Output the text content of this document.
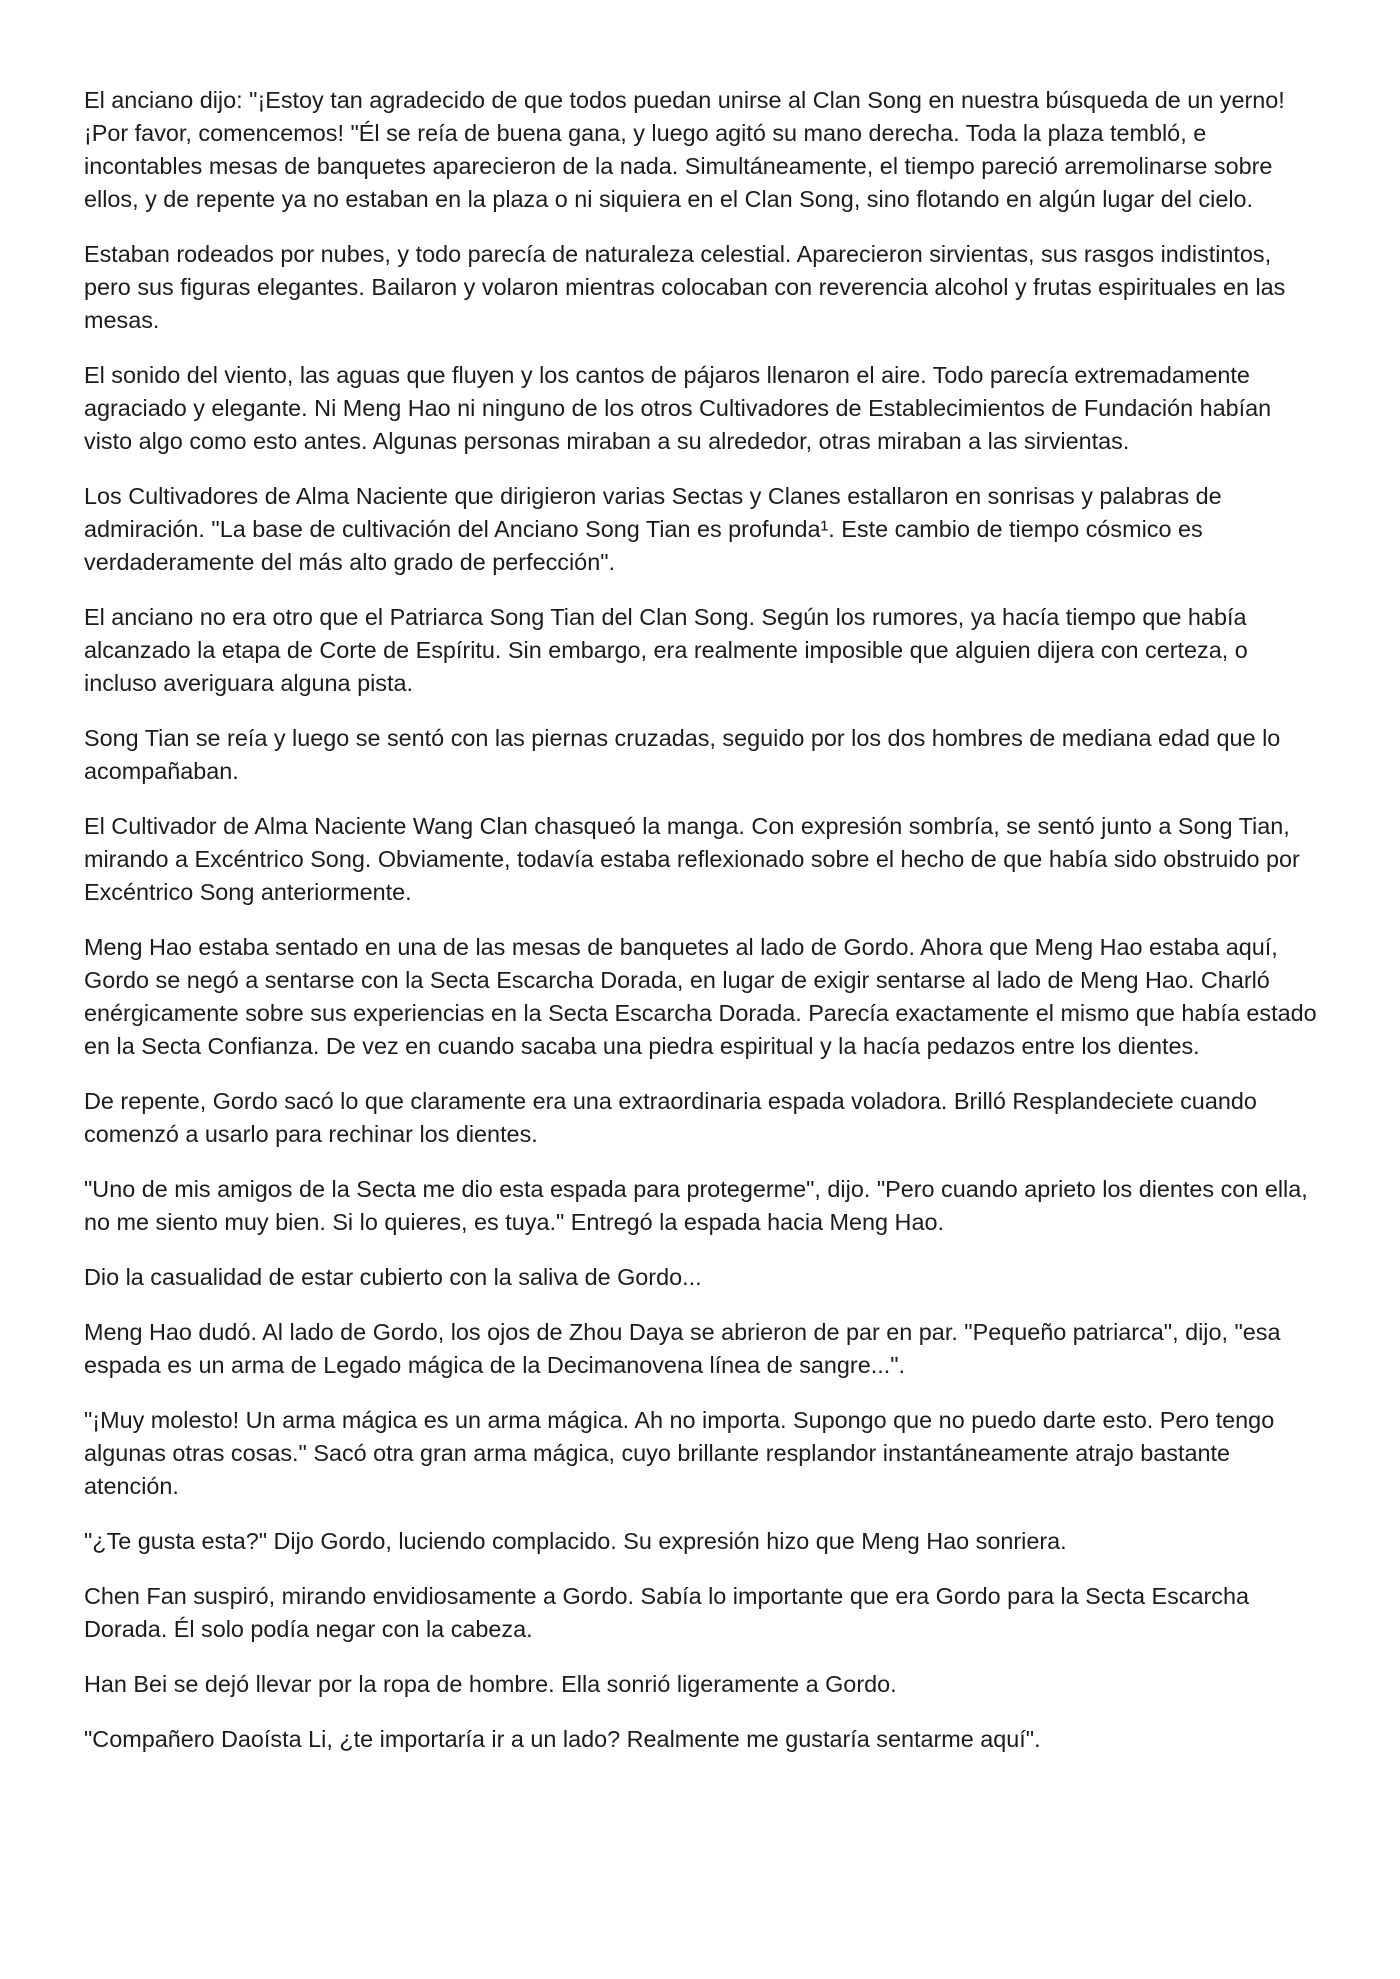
El anciano dijo: "¡Estoy tan agradecido de que todos puedan unirse al Clan Song en nuestra búsqueda de un yerno! ¡Por favor, comencemos! "Él se reía de buena gana, y luego agitó su mano derecha. Toda la plaza tembló, e incontables mesas de banquetes aparecieron de la nada. Simultáneamente, el tiempo pareció arremolinarse sobre ellos, y de repente ya no estaban en la plaza o ni siquiera en el Clan Song, sino flotando en algún lugar del cielo.

Estaban rodeados por nubes, y todo parecía de naturaleza celestial. Aparecieron sirvientas, sus rasgos indistintos, pero sus figuras elegantes. Bailaron y volaron mientras colocaban con reverencia alcohol y frutas espirituales en las mesas.

El sonido del viento, las aguas que fluyen y los cantos de pájaros llenaron el aire. Todo parecía extremadamente agraciado y elegante. Ni Meng Hao ni ninguno de los otros Cultivadores de Establecimientos de Fundación habían visto algo como esto antes. Algunas personas miraban a su alrededor, otras miraban a las sirvientas.

Los Cultivadores de Alma Naciente que dirigieron varias Sectas y Clanes estallaron en sonrisas y palabras de admiración. "La base de cultivación del Anciano Song Tian es profunda¹. Este cambio de tiempo cósmico es verdaderamente del más alto grado de perfección".

El anciano no era otro que el Patriarca Song Tian del Clan Song. Según los rumores, ya hacía tiempo que había alcanzado la etapa de Corte de Espíritu. Sin embargo, era realmente imposible que alguien dijera con certeza, o incluso averiguara alguna pista.

Song Tian se reía y luego se sentó con las piernas cruzadas, seguido por los dos hombres de mediana edad que lo acompañaban.

El Cultivador de Alma Naciente Wang Clan chasqueó la manga. Con expresión sombría, se sentó junto a Song Tian, mirando a Excéntrico Song. Obviamente, todavía estaba reflexionado sobre el hecho de que había sido obstruido por Excéntrico Song anteriormente.

Meng Hao estaba sentado en una de las mesas de banquetes al lado de Gordo. Ahora que Meng Hao estaba aquí, Gordo se negó a sentarse con la Secta Escarcha Dorada, en lugar de exigir sentarse al lado de Meng Hao. Charló enérgicamente sobre sus experiencias en la Secta Escarcha Dorada. Parecía exactamente el mismo que había estado en la Secta Confianza. De vez en cuando sacaba una piedra espiritual y la hacía pedazos entre los dientes.

De repente, Gordo sacó lo que claramente era una extraordinaria espada voladora. Brilló Resplandeciete cuando comenzó a usarlo para rechinar los dientes.

"Uno de mis amigos de la Secta me dio esta espada para protegerme", dijo. "Pero cuando aprieto los dientes con ella, no me siento muy bien. Si lo quieres, es tuya." Entregó la espada hacia Meng Hao.

Dio la casualidad de estar cubierto con la saliva de Gordo...

Meng Hao dudó. Al lado de Gordo, los ojos de Zhou Daya se abrieron de par en par. "Pequeño patriarca", dijo, "esa espada es un arma de Legado mágica de la Decimanovena línea de sangre...".

"¡Muy molesto! Un arma mágica es un arma mágica. Ah no importa. Supongo que no puedo darte esto. Pero tengo algunas otras cosas." Sacó otra gran arma mágica, cuyo brillante resplandor instantáneamente atrajo bastante atención.

"¿Te gusta esta?" Dijo Gordo, luciendo complacido. Su expresión hizo que Meng Hao sonriera.

Chen Fan suspiró, mirando envidiosamente a Gordo. Sabía lo importante que era Gordo para la Secta Escarcha Dorada. Él solo podía negar con la cabeza.

Han Bei se dejó llevar por la ropa de hombre. Ella sonrió ligeramente a Gordo.

"Compañero Daoísta Li, ¿te importaría ir a un lado? Realmente me gustaría sentarme aquí".
